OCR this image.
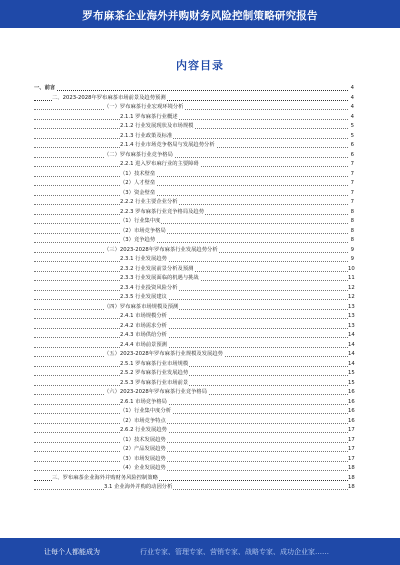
罗布麻茶企业海外并购财务风险控制策略研究报告
内容目录
一、前言	4
二、2023-2028年罗布麻茶市场前景及趋势预测	4
（一）罗布麻茶行业宏观环境分析	4
2.1.1 罗布麻茶行业概述	4
2.1.2 行业发展现状及市场规模	5
2.1.3 行业政策及标准	5
2.1.4 行业市场竞争格局与发展趋势分析	6
（二）罗布麻茶行业竞争格局	6
2.2.1 进入罗布麻行业的主要障碍	7
（1）技术壁垒	7
（2）人才壁垒	7
（3）资金壁垒	7
2.2.2 行业主要企业分析	7
2.2.3 罗布麻茶行业竞争格局及趋势	8
（1）行业集中度	8
（2）市场竞争格局	8
（3）竞争趋势	8
（三）2023-2028年罗布麻茶行业发展趋势分析	9
2.3.1 行业发展趋势	9
2.3.2 行业发展前景分析及预测	10
2.3.3 行业发展面临的机遇与挑战	11
2.3.4 行业投资风险分析	12
2.3.5 行业发展建议	12
（四）罗布麻茶市场规模及预测	13
2.4.1 市场规模分析	13
2.4.2 市场需求分析	13
2.4.3 市场供给分析	14
2.4.4 市场前景预测	14
（五）2023-2028年罗布麻茶行业规模及发展趋势	14
2.5.1 罗布麻茶行业市场规模	14
2.5.2 罗布麻茶行业发展趋势	15
2.5.3 罗布麻茶行业市场前景	15
（六）2023-2028年罗布麻茶行业竞争格局	16
2.6.1 市场竞争格局	16
（1）行业集中度分析	16
（2）市场竞争特点	16
2.6.2 行业发展趋势	17
（1）技术发展趋势	17
（2）产品发展趋势	17
（3）市场发展趋势	17
（4）企业发展趋势	18
三、罗布麻茶企业海外并购财务风险控制策略	18
3.1 企业海外并购的动因分析	18
让每个人都能成为	行业专家、管理专家、营销专家、战略专家、成功企业家……
